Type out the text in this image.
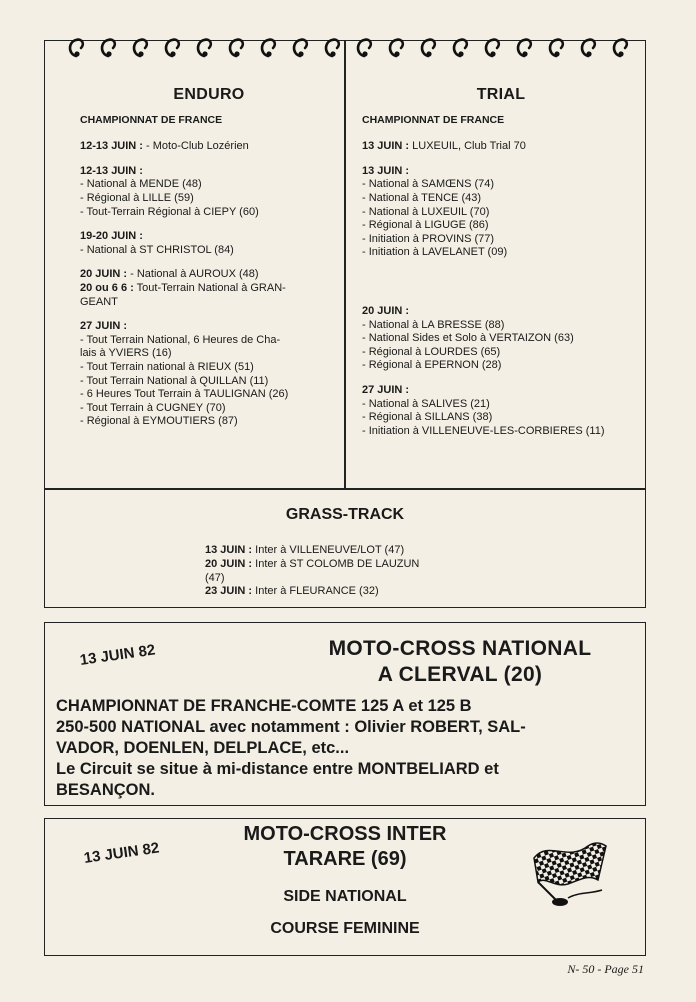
ENDURO
CHAMPIONNAT DE FRANCE
12-13 JUIN : - Moto-Club Lozérien
12-13 JUIN :
- National à MENDE (48)
- Régional à LILLE (59)
- Tout-Terrain Régional à CIEPY (60)
19-20 JUIN :
- National à ST CHRISTOL (84)
20 JUIN : - National à AUROUX (48)
20 ou 6 6 : Tout-Terrain National à GRAN-
GEANT
27 JUIN :
- Tout Terrain National, 6 Heures de Cha-
lais à YVIERS (16)
- Tout Terrain national à RIEUX (51)
- Tout Terrain National à QUILLAN (11)
- 6 Heures Tout Terrain à TAULIGNAN (26)
- Tout Terrain à CUGNEY (70)
- Régional à EYMOUTIERS (87)
TRIAL
CHAMPIONNAT DE FRANCE
13 JUIN : LUXEUIL, Club Trial 70
13 JUIN :
- National à SAMŒNS (74)
- National à TENCE (43)
- National à LUXEUIL (70)
- Régional à LIGUGE (86)
- Initiation à PROVINS (77)
- Initiation à LAVELANET (09)
20 JUIN :
- National à LA BRESSE (88)
- National Sides et Solo à VERTAIZON (63)
- Régional à LOURDES (65)
- Régional à EPERNON (28)
27 JUIN :
- National à SALIVES (21)
- Régional à SILLANS (38)
- Initiation à VILLENEUVE-LES-CORBIERES (11)
GRASS-TRACK
13 JUIN : Inter à VILLENEUVE/LOT (47)
20 JUIN : Inter à ST COLOMB DE LAUZUN
(47)
23 JUIN : Inter à FLEURANCE (32)
13 JUIN 82	MOTO-CROSS NATIONAL
A CLERVAL (20)
CHAMPIONNAT DE FRANCHE-COMTE 125 A et 125 B
250-500 NATIONAL avec notamment : Olivier ROBERT, SAL-
VADOR, DOENLEN, DELPLACE, etc...
Le Circuit se situe à mi-distance entre MONTBELIARD et
BESANÇON.
13 JUIN 82
MOTO-CROSS INTER
TARARE (69)
SIDE NATIONAL
COURSE FEMININE
N- 50 - Page 51
